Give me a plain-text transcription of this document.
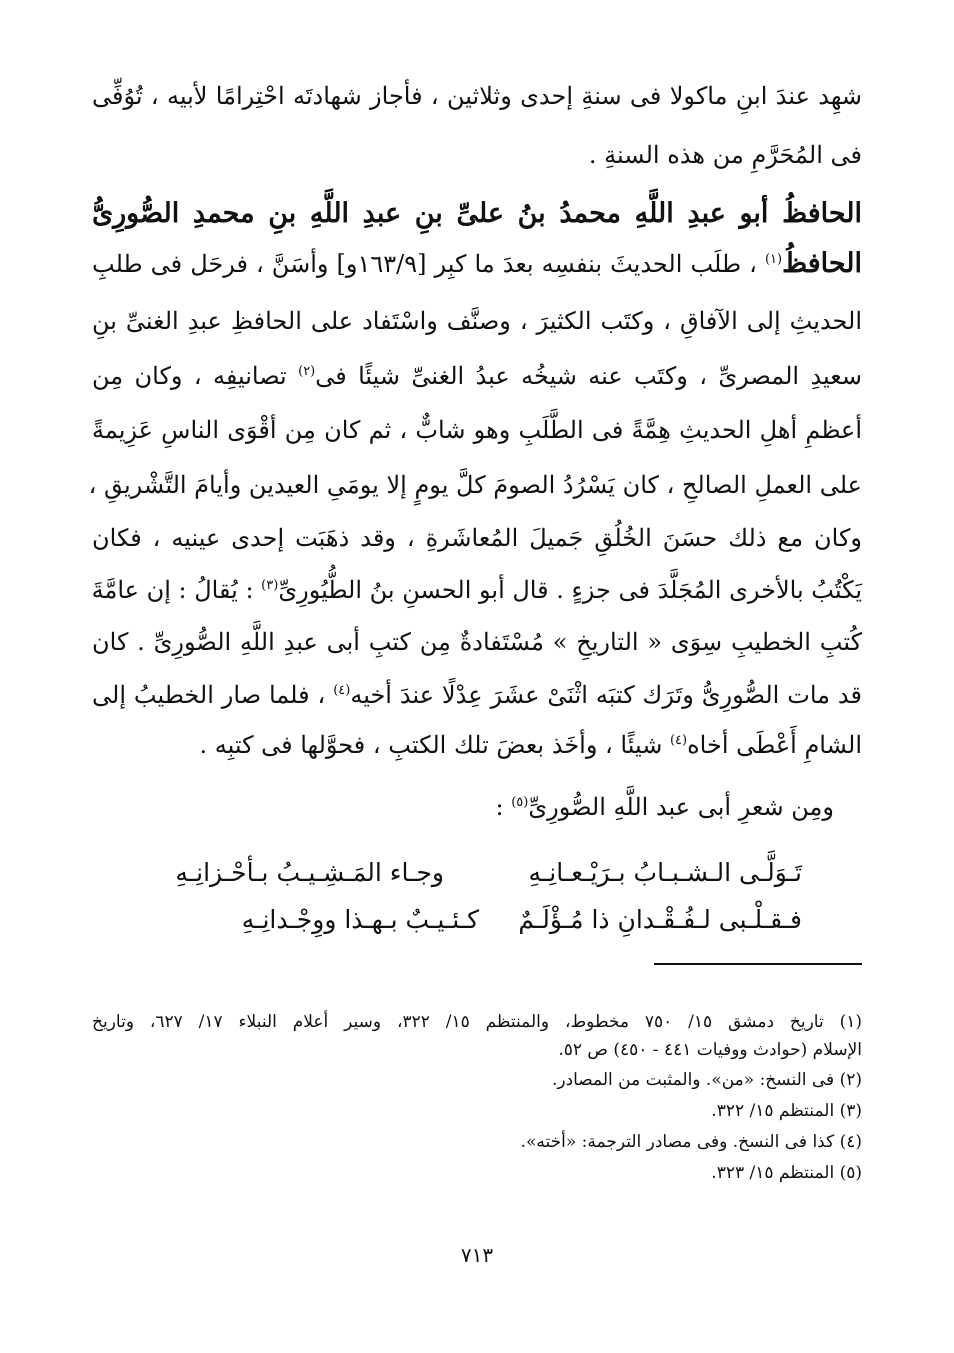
شهِد عندَ ابنِ ماكولا فى سنةِ إحدى وثلاثين ، فأجاز شهادتَه احْتِرامًا لأبيه ، تُوُفِّى
فى المُحَرَّمِ من هذه السنةِ .
الحافظُ أبو عبدِ اللَّهِ محمدُ بنُ علىِّ بنِ عبدِ اللَّهِ بنِ محمدِ الصُّورِىُّ
الحافظُ$^{(١)}$ ، طلَب الحديثَ بنفسِه بعدَ ما كبِر [١٦٣/٩و] وأسَنَّ ، فرحَل فى طلبِ
الحديثِ إلى الآفاقِ ، وكتَب الكثيرَ ، وصنَّف واسْتَفاد على الحافظِ عبدِ الغنىِّ بنِ
سعيدِ المصرىِّ ، وكتَب عنه شيخُه عبدُ الغنىِّ شيئًا فى$^{(٢)}$ تصانيفِه ، وكان مِن
أعظمِ أهلِ الحديثِ هِمَّةً فى الطَّلَبِ وهو شابٌّ ، ثم كان مِن أقْوَى الناسِ عَزِيمةً
على العملِ الصالحِ ، كان يَسْرُدُ الصومَ كلَّ يومٍ إلا يومَىِ العيدين وأيامَ التَّشْريقِ ،
وكان مع ذلك حسَنَ الخُلُقِ جَميلَ المُعاشَرةِ ، وقد ذهَبَت إحدى عينيه ، فكان
يَكْتُبُ بالأخرى المُجَلَّدَ فى جزءٍ . قال أبو الحسنِ بنُ الطُّيُورِىِّ$^{(٣)}$ : يُقالُ : إن عامَّةَ
كُتبِ الخطيبِ سِوَى « التاريخِ » مُسْتَفادةٌ مِن كتبِ أبى عبدِ اللَّهِ الصُّورِىِّ . كان
قد مات الصُّورِىُّ وتَرَك كتبَه اثْنَىْ عشَرَ عِدْلًا عندَ أخيه$^{(٤)}$ ، فلما صار الخطيبُ إلى
الشامِ أَعْطَى أخاه$^{(٤)}$ شيئًا ، وأخَذ بعضَ تلك الكتبِ ، فحوَّلها فى كتبِه .
ومِن شعرِ أبى عبد اللَّهِ الصُّورِىِّ$^{(٥)}$ :
تَـوَلَّـى الـشـبـابُ بـرَيْـعـانِـهِ
وجـاء المَـشِـيـبُ بـأحْـزانِـهِ
فـقـلْـبى لـفُـقْـدانِ ذا مُـؤْلَـمٌ
كـئـيـبٌ بـهـذا ووِجْـدانِـهِ
(١) تاريخ دمشق ١٥/ ٧٥٠ مخطوط، والمنتظم ١٥/ ٣٢٢، وسير أعلام النبلاء ١٧/ ٦٢٧، وتاريخ
الإسلام (حوادث ووفيات ٤٤١ - ٤٥٠) ص ٥٢.
(٢) فى النسخ: «من». والمثبت من المصادر.
(٣) المنتظم ١٥/ ٣٢٢.
(٤) كذا فى النسخ. وفى مصادر الترجمة: «أخته».
(٥) المنتظم ١٥/ ٣٢٣.
٧١٣
